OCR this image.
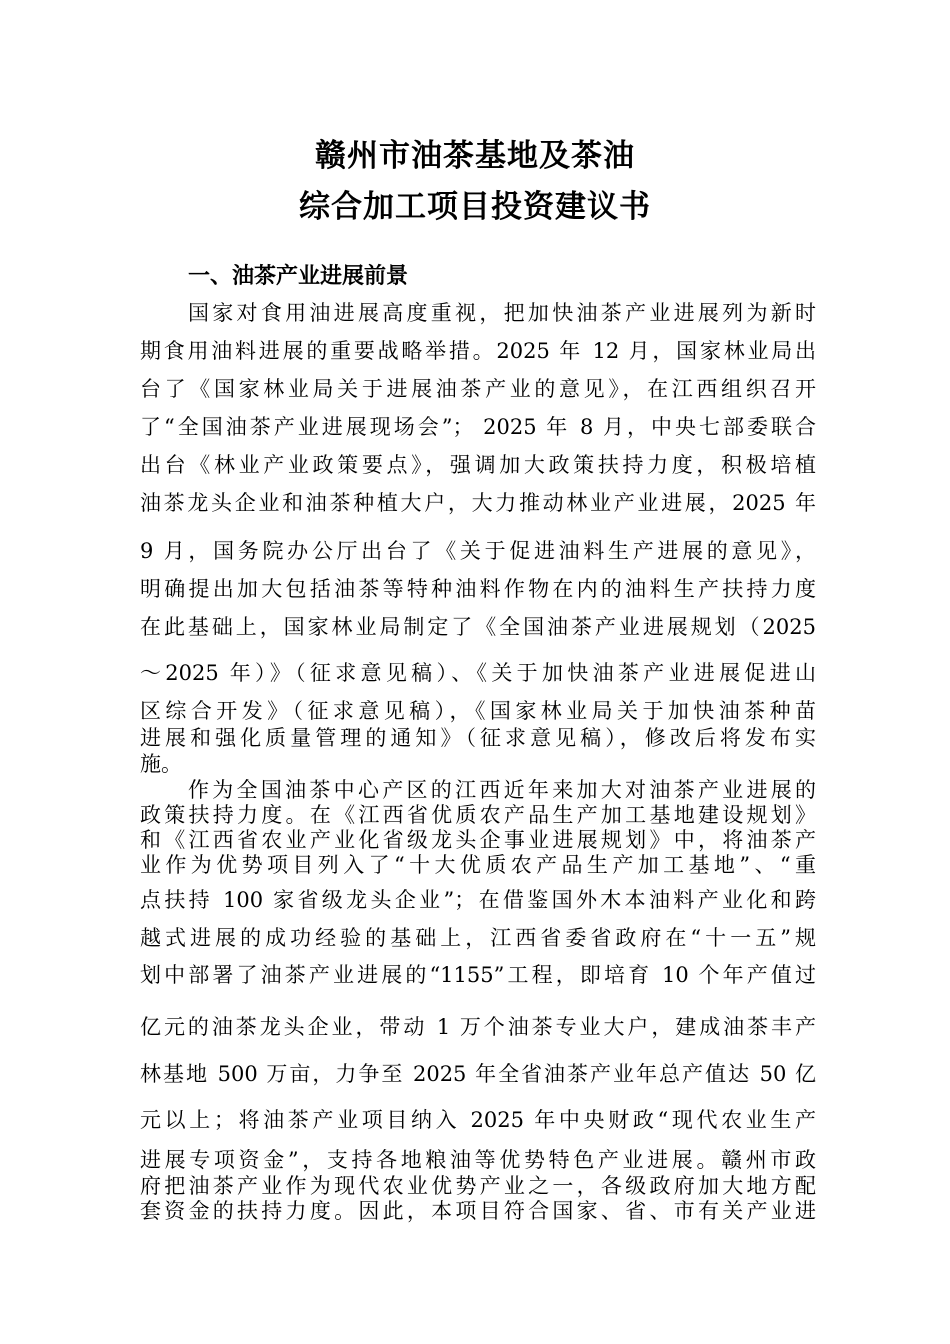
赣州市油茶基地及茶油
综合加工项目投资建议书
一、油茶产业进展前景
国家对食用油进展高度重视，把加快油茶产业进展列为新时
期食用油料进展的重要战略举措。2025 年 12 月，国家林业局出
台了《国家林业局关于进展油茶产业的意见》，在江西组织召开
了“全国油茶产业进展现场会”； 2025 年 8 月，中央七部委联合
出台《林业产业政策要点》，强调加大政策扶持力度，积极培植
油茶龙头企业和油茶种植大户，大力推动林业产业进展，2025 年
9 月，国务院办公厅出台了《关于促进油料生产进展的意见》，
明确提出加大包括油茶等特种油料作物在内的油料生产扶持力度
在此基础上，国家林业局制定了《全国油茶产业进展规划（2025
～2025 年）》（征求意见稿）、《关于加快油茶产业进展促进山
区综合开发》（征求意见稿），《国家林业局关于加快油茶种苗
进展和强化质量管理的通知》（征求意见稿），修改后将发布实
施。
作为全国油茶中心产区的江西近年来加大对油茶产业进展的
政策扶持力度。在《江西省优质农产品生产加工基地建设规划》
和《江西省农业产业化省级龙头企事业进展规划》中，将油茶产
业作为优势项目列入了“十大优质农产品生产加工基地”、“重
点扶持 100 家省级龙头企业”；在借鉴国外木本油料产业化和跨
越式进展的成功经验的基础上，江西省委省政府在“十一五”规
划中部署了油茶产业进展的“1155”工程，即培育 10 个年产值过
亿元的油茶龙头企业，带动 1 万个油茶专业大户，建成油茶丰产
林基地 500 万亩，力争至 2025 年全省油茶产业年总产值达 50 亿
元以上；将油茶产业项目纳入 2025 年中央财政“现代农业生产
进展专项资金”，支持各地粮油等优势特色产业进展。赣州市政
府把油茶产业作为现代农业优势产业之一，各级政府加大地方配
套资金的扶持力度。因此，本项目符合国家、省、市有关产业进
